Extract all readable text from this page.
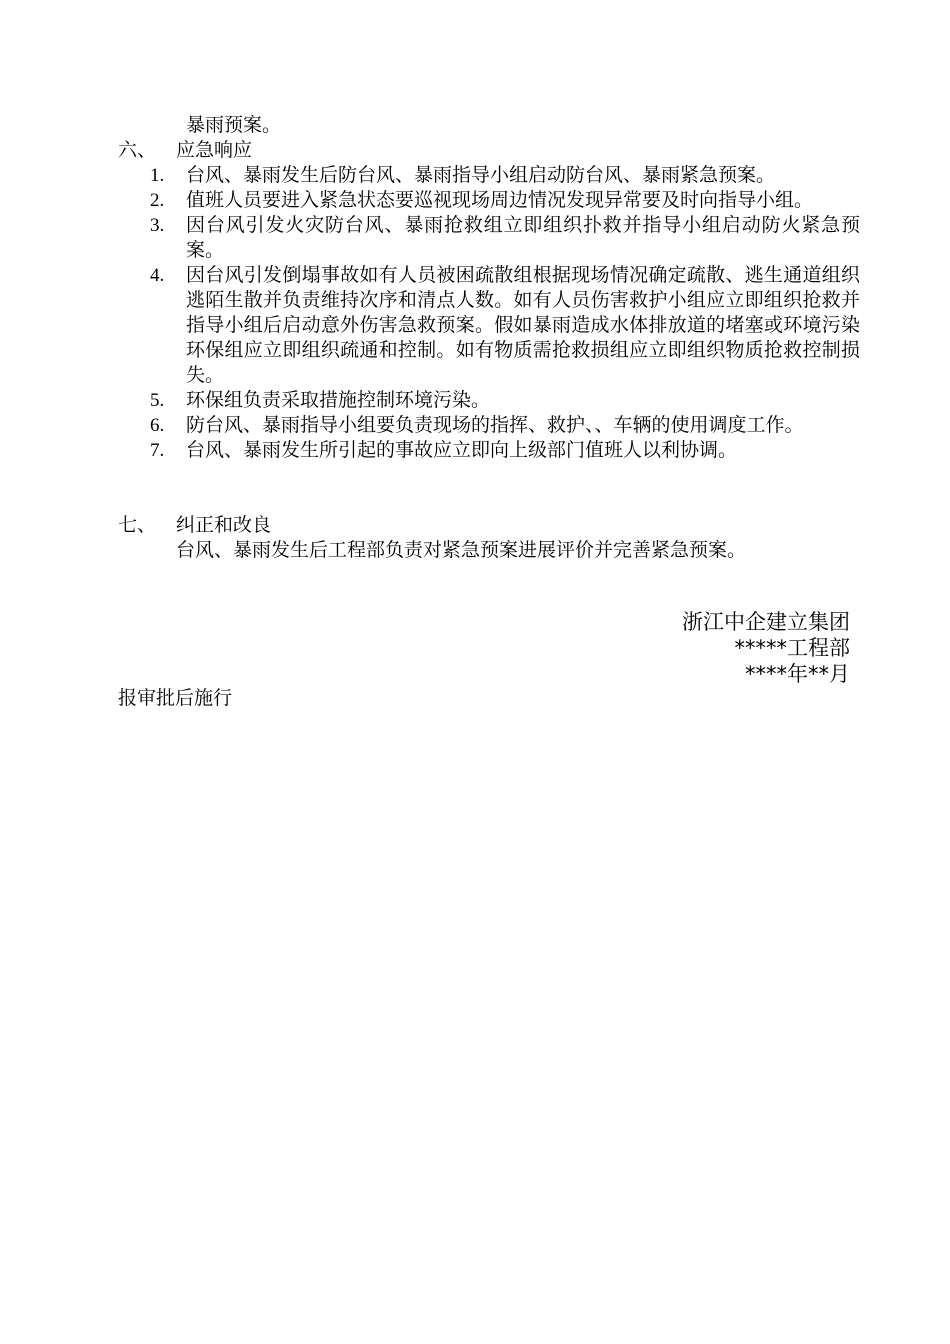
暴雨预案。
六、 应急响应
1.	台风、暴雨发生后防台风、暴雨指导小组启动防台风、暴雨紧急预案。
2.	值班人员要进入紧急状态要巡视现场周边情况发现异常要及时向指导小组。
3.	因台风引发火灾防台风、暴雨抢救组立即组织扑救并指导小组启动防火紧急预案。
4.	因台风引发倒塌事故如有人员被困疏散组根据现场情况确定疏散、逃生通道组织逃陌生散并负责维持次序和清点人数。如有人员伤害救护小组应立即组织抢救并指导小组后启动意外伤害急救预案。假如暴雨造成水体排放道的堵塞或环境污染环保组应立即组织疏通和控制。如有物质需抢救损组应立即组织物质抢救控制损失。
5.	环保组负责采取措施控制环境污染。
6.	防台风、暴雨指导小组要负责现场的指挥、救护、、车辆的使用调度工作。
7.	台风、暴雨发生所引起的事故应立即向上级部门值班人以利协调。
七、 纠正和改良
台风、暴雨发生后工程部负责对紧急预案进展评价并完善紧急预案。
浙江中企建立集团
*****工程部
****年**月
报审批后施行
